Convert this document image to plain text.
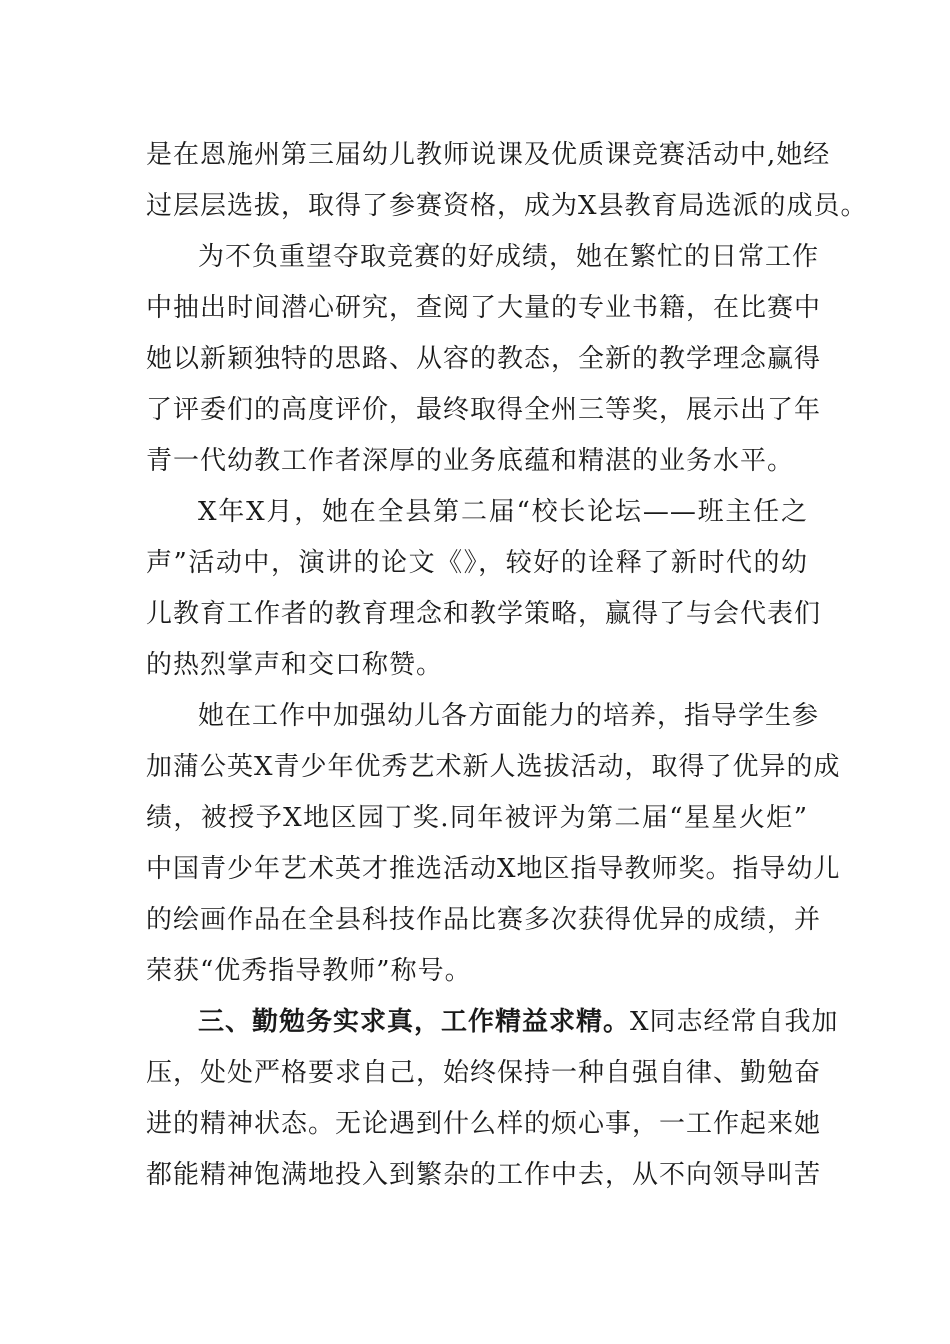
是在恩施州第三届幼儿教师说课及优质课竞赛活动中,她经
过层层选拔，取得了参赛资格，成为X县教育局选派的成员。
为不负重望夺取竞赛的好成绩，她在繁忙的日常工作
中抽出时间潜心研究，查阅了大量的专业书籍，在比赛中
她以新颖独特的思路、从容的教态，全新的教学理念赢得
了评委们的高度评价，最终取得全州三等奖，展示出了年
青一代幼教工作者深厚的业务底蕴和精湛的业务水平。
X年X月，她在全县第二届“校长论坛——班主任之
声”活动中，演讲的论文《》，较好的诠释了新时代的幼
儿教育工作者的教育理念和教学策略，赢得了与会代表们
的热烈掌声和交口称赞。
她在工作中加强幼儿各方面能力的培养，指导学生参
加蒲公英X青少年优秀艺术新人选拔活动，取得了优异的成
绩，被授予X地区园丁奖.同年被评为第二届“星星火炬”
中国青少年艺术英才推选活动X地区指导教师奖。指导幼儿
的绘画作品在全县科技作品比赛多次获得优异的成绩，并
荣获“优秀指导教师”称号。
三、勤勉务实求真，工作精益求精。X同志经常自我加
压，处处严格要求自己，始终保持一种自强自律、勤勉奋
进的精神状态。无论遇到什么样的烦心事，一工作起来她
都能精神饱满地投入到繁杂的工作中去，从不向领导叫苦
